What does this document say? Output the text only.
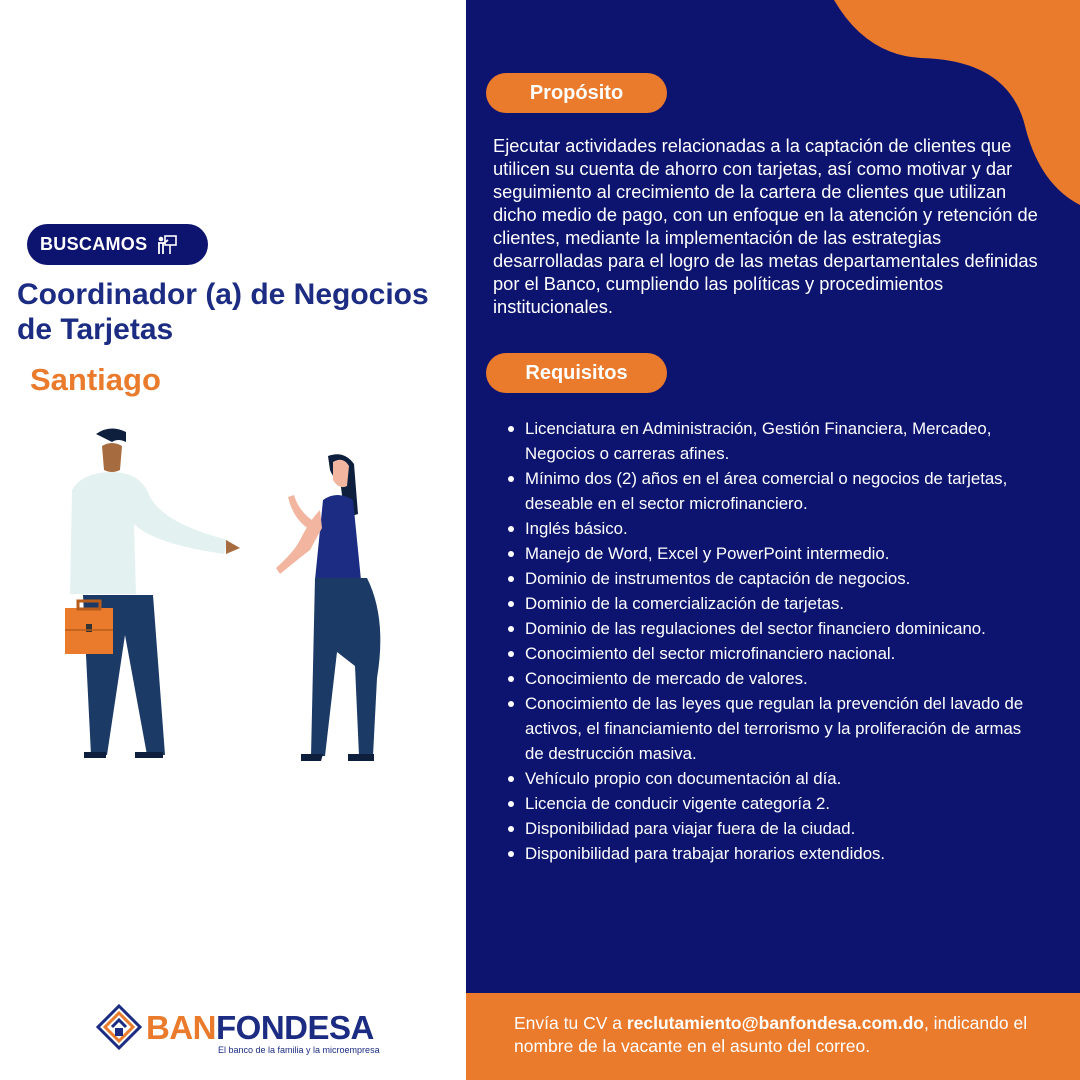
BUSCAMOS
Coordinador (a) de Negocios de Tarjetas
Santiago
BANFONDESA
El banco de la familia y la microempresa
Propósito
Ejecutar actividades relacionadas a la captación de clientes que utilicen su cuenta de ahorro con tarjetas, así como motivar y dar seguimiento al crecimiento de la cartera de clientes que utilizan dicho medio de pago, con un enfoque en la atención y retención de clientes, mediante la implementación de las estrategias desarrolladas para el logro de las metas departamentales definidas por el Banco, cumpliendo las políticas y procedimientos institucionales.
Requisitos
Licenciatura en Administración, Gestión Financiera, Mercadeo, Negocios o carreras afines.
Mínimo dos (2) años en el área comercial o negocios de tarjetas, deseable en el sector microfinanciero.
Inglés básico.
Manejo de Word, Excel y PowerPoint intermedio.
Dominio de instrumentos de captación de negocios.
Dominio de la comercialización de tarjetas.
Dominio de las regulaciones del sector financiero dominicano.
Conocimiento del sector microfinanciero nacional.
Conocimiento de mercado de valores.
Conocimiento de las leyes que regulan la prevención del lavado de activos, el financiamiento del terrorismo y la proliferación de armas de destrucción masiva.
Vehículo propio con documentación al día.
Licencia de conducir vigente categoría 2.
Disponibilidad para viajar fuera de la ciudad.
Disponibilidad para trabajar horarios extendidos.
Envía tu CV a reclutamiento@banfondesa.com.do, indicando el nombre de la vacante en el asunto del correo.
